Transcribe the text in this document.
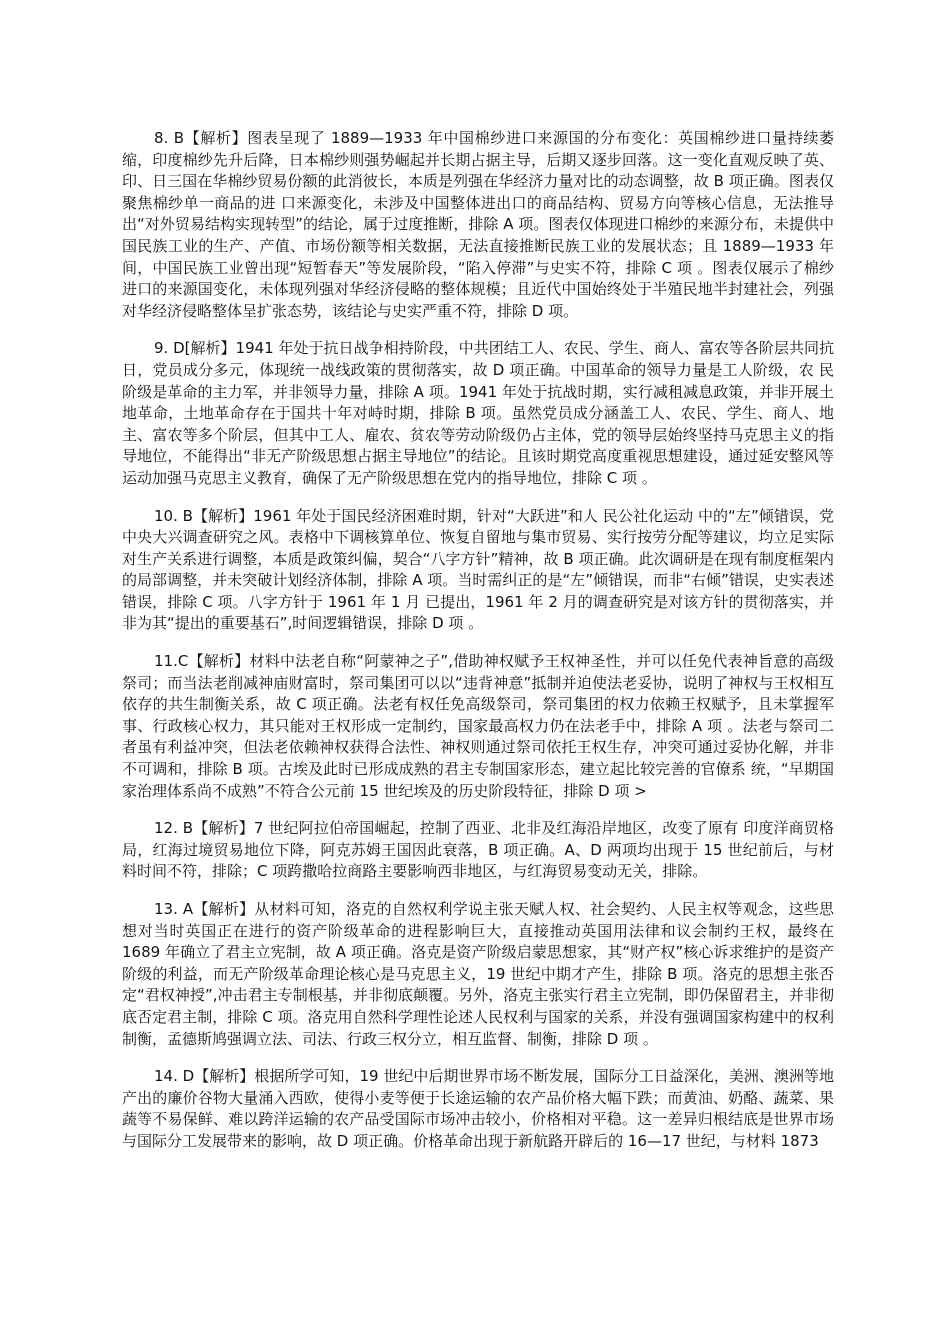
8. B【解析】图表呈现了 1889—1933 年中国棉纱进口来源国的分布变化：英国棉纱进口量持续萎缩，印度棉纱先升后降，日本棉纱则强势崛起并长期占据主导，后期又逐步回落。这一变化直观反映了英、印、日三国在华棉纱贸易份额的此消彼长，本质是列强在华经济力量对比的动态调整，故 B 项正确。图表仅聚焦棉纱单一商品的进 口来源变化，未涉及中国整体进出口的商品结构、贸易方向等核心信息，无法推导出“对外贸易结构实现转型”的结论，属于过度推断，排除 A 项。图表仅体现进口棉纱的来源分布，未提供中国民族工业的生产、产值、市场份额等相关数据，无法直接推断民族工业的发展状态；且 1889—1933 年 间，中国民族工业曾出现“短暂春天”等发展阶段，“陷入停滞”与史实不符，排除 C 项 。图表仅展示了棉纱进口的来源国变化，未体现列强对华经济侵略的整体规模；且近代中国始终处于半殖民地半封建社会，列强对华经济侵略整体呈扩张态势，该结论与史实严重不符，排除 D 项。

9. D[解析】1941 年处于抗日战争相持阶段，中共团结工人、农民、学生、商人、富农等各阶层共同抗日，党员成分多元，体现统一战线政策的贯彻落实，故 D 项正确。中国革命的领导力量是工人阶级，农 民阶级是革命的主力军，并非领导力量，排除 A 项。1941 年处于抗战时期，实行减租减息政策，并非开展土地革命，土地革命存在于国共十年对峙时期，排除 B 项。虽然党员成分涵盖工人、农民、学生、商人、地主、富农等多个阶层，但其中工人、雇农、贫农等劳动阶级仍占主体，党的领导层始终坚持马克思主义的指导地位，不能得出“非无产阶级思想占据主导地位”的结论。且该时期党高度重视思想建设，通过延安整风等运动加强马克思主义教育，确保了无产阶级思想在党内的指导地位，排除 C 项 。

10. B【解析】1961 年处于国民经济困难时期，针对“大跃进”和人 民公社化运动 中的“左”倾错误，党中央大兴调查研究之风。表格中下调核算单位、恢复自留地与集市贸易、实行按劳分配等建议，均立足实际对生产关系进行调整，本质是政策纠偏，契合“八字方针”精神，故 B 项正确。此次调研是在现有制度框架内的局部调整，并未突破计划经济体制，排除 A 项。当时需纠正的是“左”倾错误，而非“右倾”错误，史实表述错误，排除 C 项。八字方针于 1961 年 1 月 已提出，1961 年 2 月的调查研究是对该方针的贯彻落实，并非为其“提出的重要基石”,时间逻辑错误，排除 D 项 。

11.C【解析】材料中法老自称“阿蒙神之子”,借助神权赋予王权神圣性，并可以任免代表神旨意的高级祭司；而当法老削减神庙财富时，祭司集团可以以“违背神意”抵制并迫使法老妥协，说明了神权与王权相互依存的共生制衡关系，故 C 项正确。法老有权任免高级祭司，祭司集团的权力依赖王权赋予，且未掌握军事、行政核心权力，其只能对王权形成一定制约，国家最高权力仍在法老手中，排除 A 项 。法老与祭司二者虽有利益冲突，但法老依赖神权获得合法性、神权则通过祭司依托王权生存，冲突可通过妥协化解，并非不可调和，排除 B 项。古埃及此时已形成成熟的君主专制国家形态，建立起比较完善的官僚系 统，“早期国家治理体系尚不成熟”不符合公元前 15 世纪埃及的历史阶段特征，排除 D 项 >

12. B【解析】7 世纪阿拉伯帝国崛起，控制了西亚、北非及红海沿岸地区，改变了原有 印度洋商贸格局，红海过境贸易地位下降，阿克苏姆王国因此衰落，B 项正确。A、D 两项均出现于 15 世纪前后，与材料时间不符，排除；C 项跨撒哈拉商路主要影响西非地区，与红海贸易变动无关，排除。

13. A【解析】从材料可知，洛克的自然权利学说主张天赋人权、社会契约、人民主权等观念，这些思想对当时英国正在进行的资产阶级革命的进程影响巨大，直接推动英国用法律和议会制约王权，最终在 1689 年确立了君主立宪制，故 A 项正确。洛克是资产阶级启蒙思想家，其“财产权”核心诉求维护的是资产阶级的利益，而无产阶级革命理论核心是马克思主义，19 世纪中期才产生，排除 B 项。洛克的思想主张否定“君权神授”,冲击君主专制根基，并非彻底颠覆。另外，洛克主张实行君主立宪制，即仍保留君主，并非彻底否定君主制，排除 C 项。洛克用自然科学理性论述人民权利与国家的关系，并没有强调国家构建中的权利制衡，孟德斯鸠强调立法、司法、行政三权分立，相互监督、制衡，排除 D 项 。

14. D【解析】根据所学可知，19 世纪中后期世界市场不断发展，国际分工日益深化，美洲、澳洲等地产出的廉价谷物大量涌入西欧，使得小麦等便于长途运输的农产品价格大幅下跌；而黄油、奶酪、蔬菜、果蔬等不易保鲜、难以跨洋运输的农产品受国际市场冲击较小，价格相对平稳。这一差异归根结底是世界市场与国际分工发展带来的影响，故 D 项正确。价格革命出现于新航路开辟后的 16—17 世纪，与材料 1873
